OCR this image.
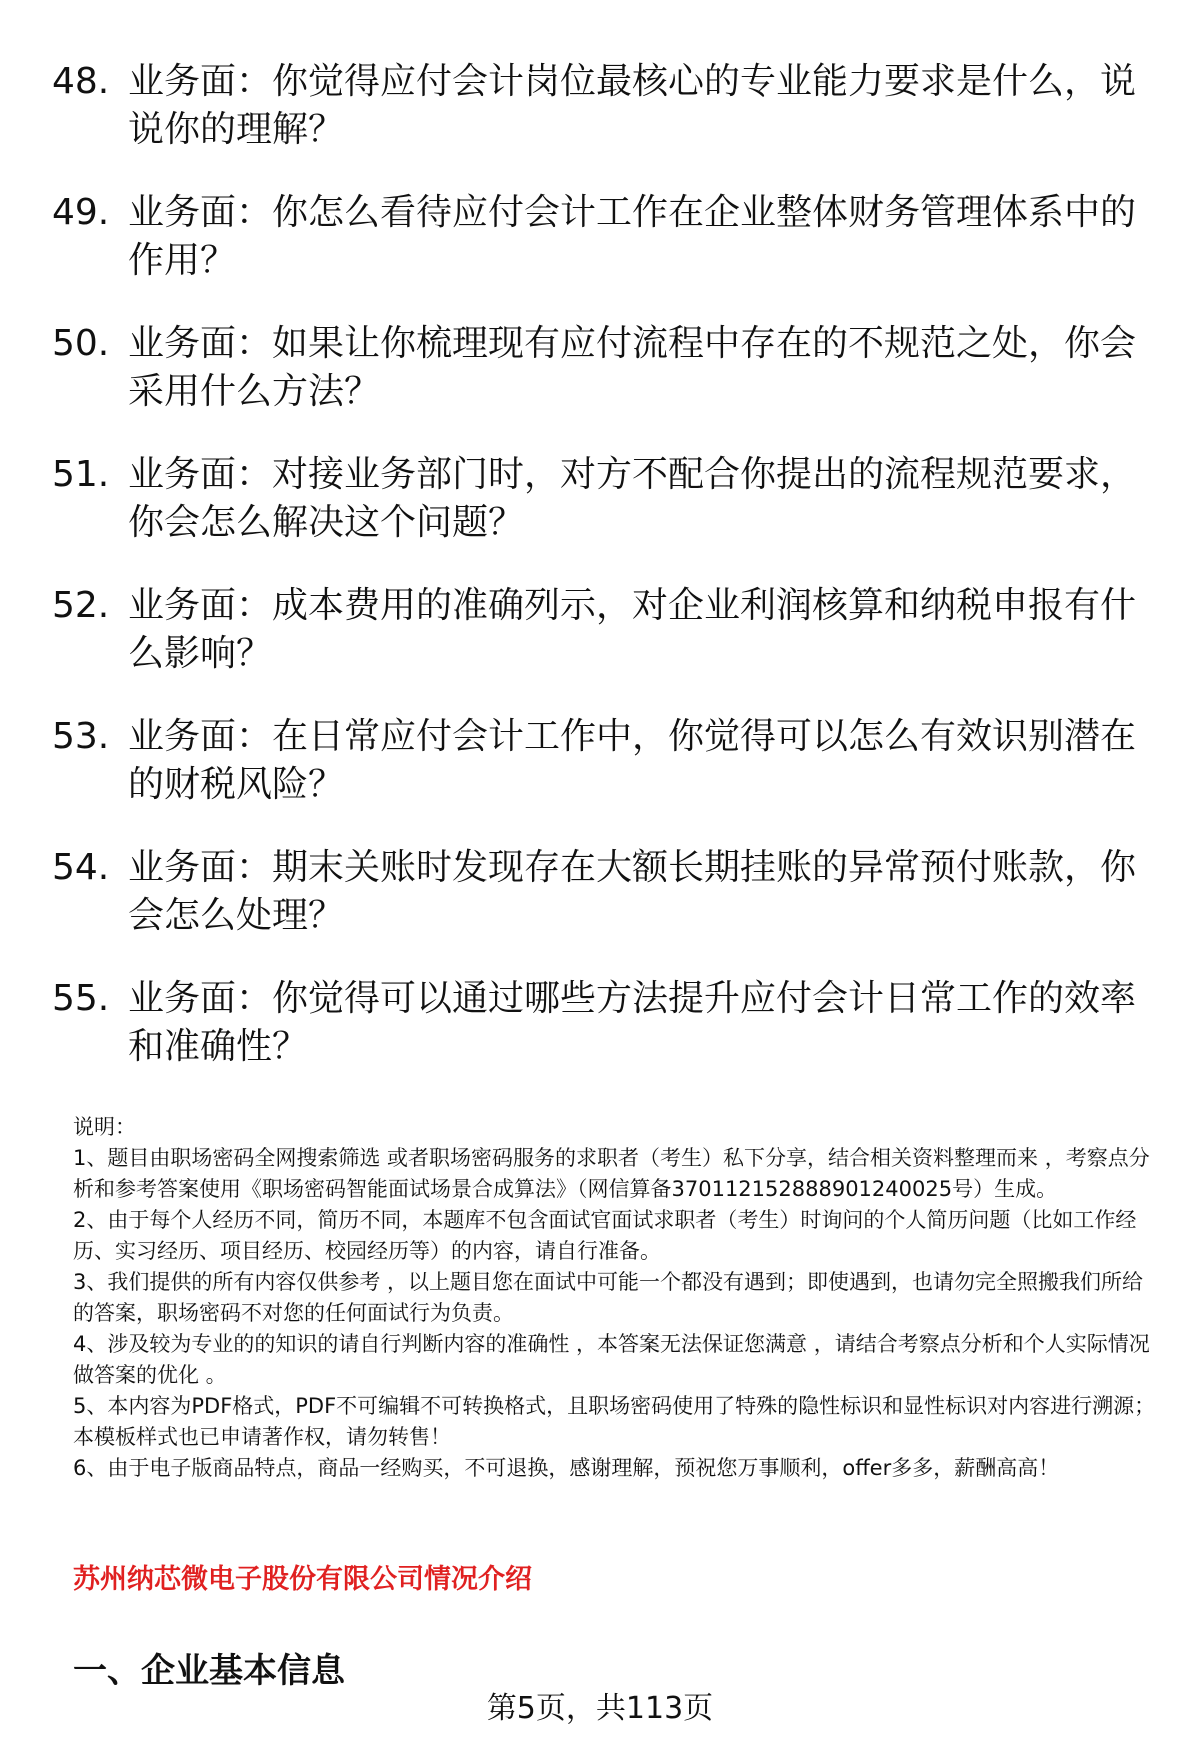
48. 业务面：你觉得应付会计岗位最核心的专业能力要求是什么，说说你的理解？
49. 业务面：你怎么看待应付会计工作在企业整体财务管理体系中的作用？
50. 业务面：如果让你梳理现有应付流程中存在的不规范之处，你会采用什么方法？
51. 业务面：对接业务部门时，对方不配合你提出的流程规范要求，你会怎么解决这个问题？
52. 业务面：成本费用的准确列示，对企业利润核算和纳税申报有什么影响？
53. 业务面：在日常应付会计工作中，你觉得可以怎么有效识别潜在的财税风险？
54. 业务面：期末关账时发现存在大额长期挂账的异常预付账款，你会怎么处理？
55. 业务面：你觉得可以通过哪些方法提升应付会计日常工作的效率和准确性？

说明：

1、题目由职场密码全网搜索筛选 或者职场密码服务的求职者（考生）私下分享，结合相关资料整理而来 ，考察点分析和参考答案使用《职场密码智能面试场景合成算法》（网信算备370112152888901240025号）生成。

2、由于每个人经历不同，简历不同，本题库不包含面试官面试求职者（考生）时询问的个人简历问题（比如工作经历、实习经历、项目经历、校园经历等）的内容，请自行准备。

3、我们提供的所有内容仅供参考 ，以上题目您在面试中可能一个都没有遇到；即使遇到，也请勿完全照搬我们所给的答案，职场密码不对您的任何面试行为负责。

4、涉及较为专业的的知识的请自行判断内容的准确性 ，本答案无法保证您满意 ，请结合考察点分析和个人实际情况做答案的优化 。

5、本内容为PDF格式，PDF不可编辑不可转换格式，且职场密码使用了特殊的隐性标识和显性标识对内容进行溯源；本模板样式也已申请著作权，请勿转售！

6、由于电子版商品特点，商品一经购买，不可退换，感谢理解，预祝您万事顺利，offer多多，薪酬高高！

苏州纳芯微电子股份有限公司情况介绍
一、企业基本信息
第5页，共113页
